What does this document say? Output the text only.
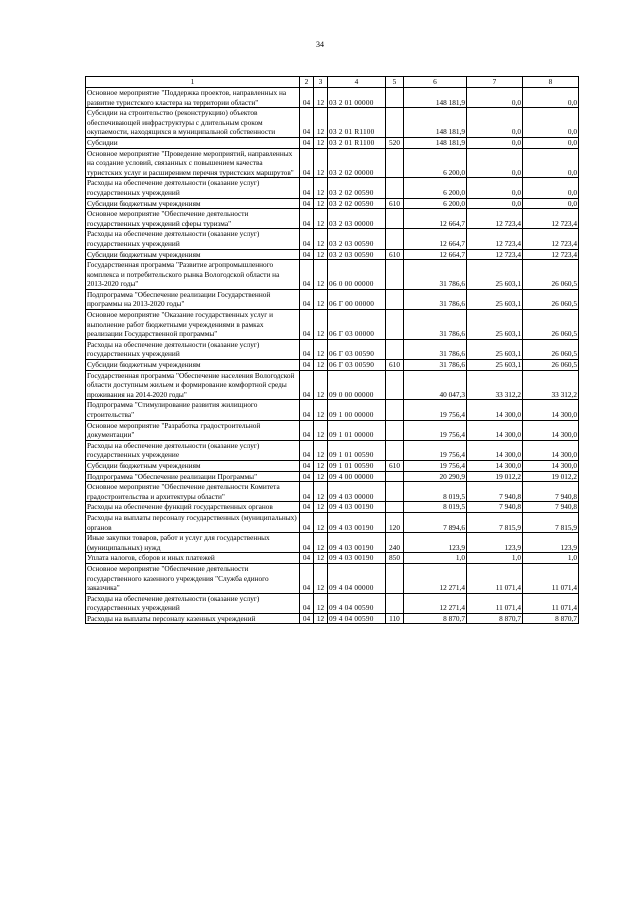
34
1	2	3	4	5	6	7	8
Основное мероприятие "Поддержка проектов, направленных на развитие туристского кластера на территории области"	04	12	03 2 01 00000		148 181,9	0,0	0,0
Субсидии на строительство (реконструкцию) объектов обеспечивающей инфраструктуры с длительным сроком окупаемости, находящихся в муниципальной собственности	04	12	03 2 01 R1100		148 181,9	0,0	0,0
Субсидии	04	12	03 2 01 R1100	520	148 181,9	0,0	0,0
Основное мероприятие "Проведение мероприятий, направленных на создание условий, связанных с повышением качества туристских услуг и расширением перечня туристских маршрутов"	04	12	03 2 02 00000		6 200,0	0,0	0,0
Расходы на обеспечение деятельности (оказание услуг) государственных учреждений	04	12	03 2 02 00590		6 200,0	0,0	0,0
Субсидии бюджетным учреждениям	04	12	03 2 02 00590	610	6 200,0	0,0	0,0
Основное мероприятие "Обеспечение деятельности государственных учреждений сферы туризма"	04	12	03 2 03 00000		12 664,7	12 723,4	12 723,4
Расходы на обеспечение деятельности (оказание услуг) государственных учреждений	04	12	03 2 03 00590		12 664,7	12 723,4	12 723,4
Субсидии бюджетным учреждениям	04	12	03 2 03 00590	610	12 664,7	12 723,4	12 723,4
Государственная программа "Развитие агропромышленного комплекса и потребительского рынка Вологодской области на 2013-2020 годы"	04	12	06 0 00 00000		31 786,6	25 603,1	26 060,5
Подпрограмма "Обеспечение реализации Государственной программы на 2013-2020 годы"	04	12	06 Г 00 00000		31 786,6	25 603,1	26 060,5
Основное мероприятие "Оказание государственных услуг и выполнение работ бюджетными учреждениями в рамках реализации Государственной программы"	04	12	06 Г 03 00000		31 786,6	25 603,1	26 060,5
Расходы на обеспечение деятельности (оказание услуг) государственных учреждений	04	12	06 Г 03 00590		31 786,6	25 603,1	26 060,5
Субсидии бюджетным учреждениям	04	12	06 Г 03 00590	610	31 786,6	25 603,1	26 060,5
Государственная программа "Обеспечение населения Вологодской области доступным жильем и формирование комфортной среды проживания на 2014-2020 годы"	04	12	09 0 00 00000		40 047,3	33 312,2	33 312,2
Подпрограмма "Стимулирование развития жилищного строительства"	04	12	09 1 00 00000		19 756,4	14 300,0	14 300,0
Основное мероприятие "Разработка градостроительной документации"	04	12	09 1 01 00000		19 756,4	14 300,0	14 300,0
Расходы на обеспечение деятельности (оказание услуг) государственных учреждение	04	12	09 1 01 00590		19 756,4	14 300,0	14 300,0
Субсидии бюджетным учреждениям	04	12	09 1 01 00590	610	19 756,4	14 300,0	14 300,0
Подпрограмма "Обеспечение реализации Программы"	04	12	09 4 00 00000		20 290,9	19 012,2	19 012,2
Основное мероприятие "Обеспечение деятельности Комитета градостроительства и архитектуры области"	04	12	09 4 03 00000		8 019,5	7 940,8	7 940,8
Расходы на обеспечение функций государственных органов	04	12	09 4 03 00190		8 019,5	7 940,8	7 940,8
Расходы на выплаты персоналу государственных (муниципальных) органов	04	12	09 4 03 00190	120	7 894,6	7 815,9	7 815,9
Иные закупки товаров, работ и услуг для государственных (муниципальных) нужд	04	12	09 4 03 00190	240	123,9	123,9	123,9
Уплата налогов, сборов и иных платежей	04	12	09 4 03 00190	850	1,0	1,0	1,0
Основное мероприятие "Обеспечение деятельности государственного казенного учреждения "Служба единого заказчика"	04	12	09 4 04 00000		12 271,4	11 071,4	11 071,4
Расходы на обеспечение деятельности (оказание услуг) государственных учреждений	04	12	09 4 04 00590		12 271,4	11 071,4	11 071,4
Расходы на выплаты персоналу казенных учреждений	04	12	09 4 04 00590	110	8 870,7	8 870,7	8 870,7
